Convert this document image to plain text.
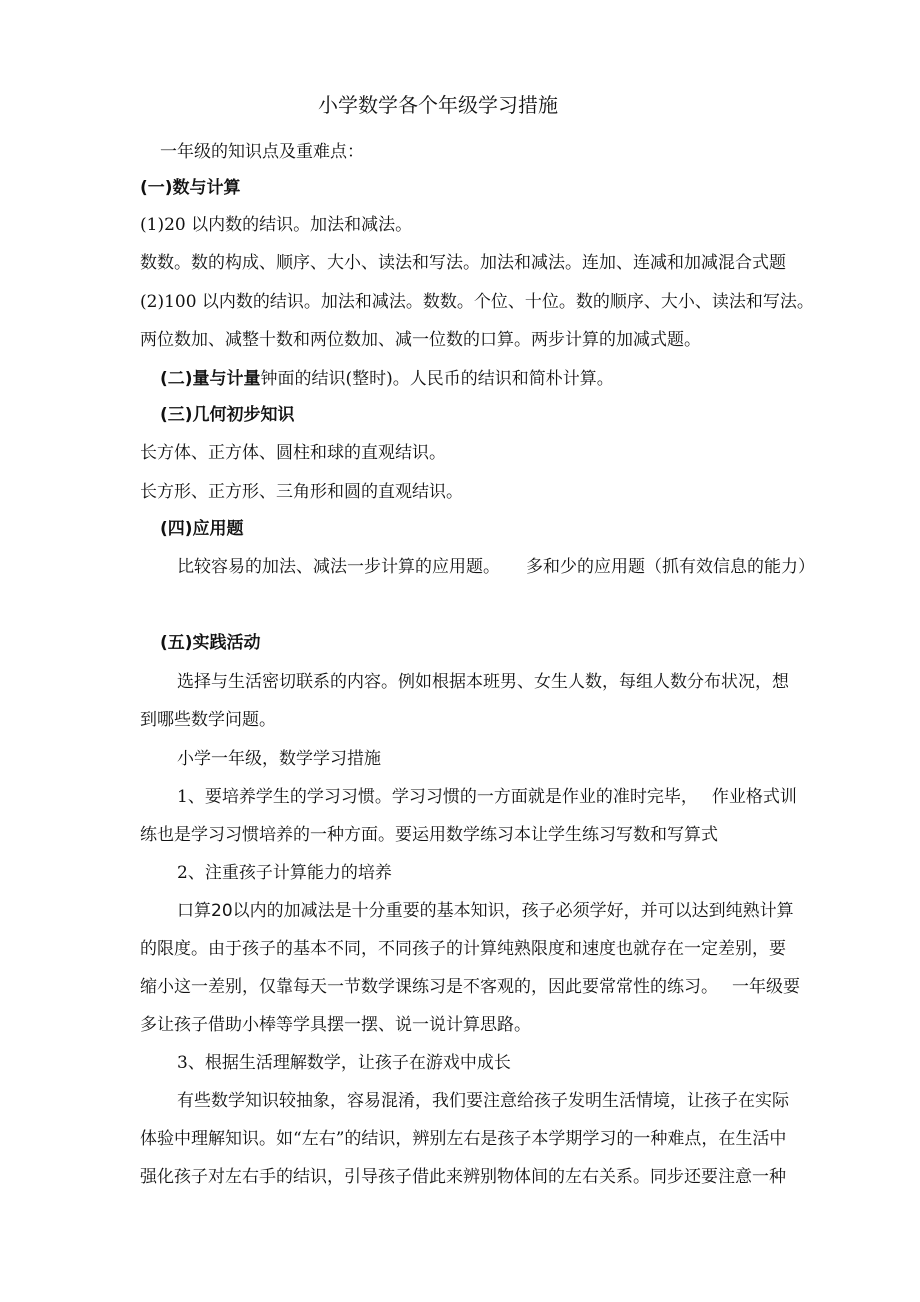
小学数学各个年级学习措施
一年级的知识点及重难点：
(一)数与计算
(1)20 以内数的结识。加法和减法。
数数。数的构成、顺序、大小、读法和写法。加法和减法。连加、连减和加减混合式题
(2)100 以内数的结识。加法和减法。数数。个位、十位。数的顺序、大小、读法和写法。
两位数加、减整十数和两位数加、减一位数的口算。两步计算的加减式题。
(二)量与计量钟面的结识(整时)。人民币的结识和简朴计算。
(三)几何初步知识
长方体、正方体、圆柱和球的直观结识。
长方形、正方形、三角形和圆的直观结识。
(四)应用题
比较容易的加法、减法一步计算的应用题。 多和少的应用题（抓有效信息的能力）
(五)实践活动
选择与生活密切联系的内容。例如根据本班男、女生人数，每组人数分布状况，想
到哪些数学问题。
小学一年级，数学学习措施
1、要培养学生的学习习惯。学习习惯的一方面就是作业的准时完毕， 作业格式训
练也是学习习惯培养的一种方面。要运用数学练习本让学生练习写数和写算式
2、注重孩子计算能力的培养
口算20以内的加减法是十分重要的基本知识，孩子必须学好，并可以达到纯熟计算
的限度。由于孩子的基本不同，不同孩子的计算纯熟限度和速度也就存在一定差别，要
缩小这一差别，仅靠每天一节数学课练习是不客观的，因此要常常性的练习。 一年级要
多让孩子借助小棒等学具摆一摆、说一说计算思路。
3、根据生活理解数学，让孩子在游戏中成长
有些数学知识较抽象，容易混淆，我们要注意给孩子发明生活情境，让孩子在实际
体验中理解知识。如“左右”的结识，辨别左右是孩子本学期学习的一种难点，在生活中
强化孩子对左右手的结识，引导孩子借此来辨别物体间的左右关系。同步还要注意一种
